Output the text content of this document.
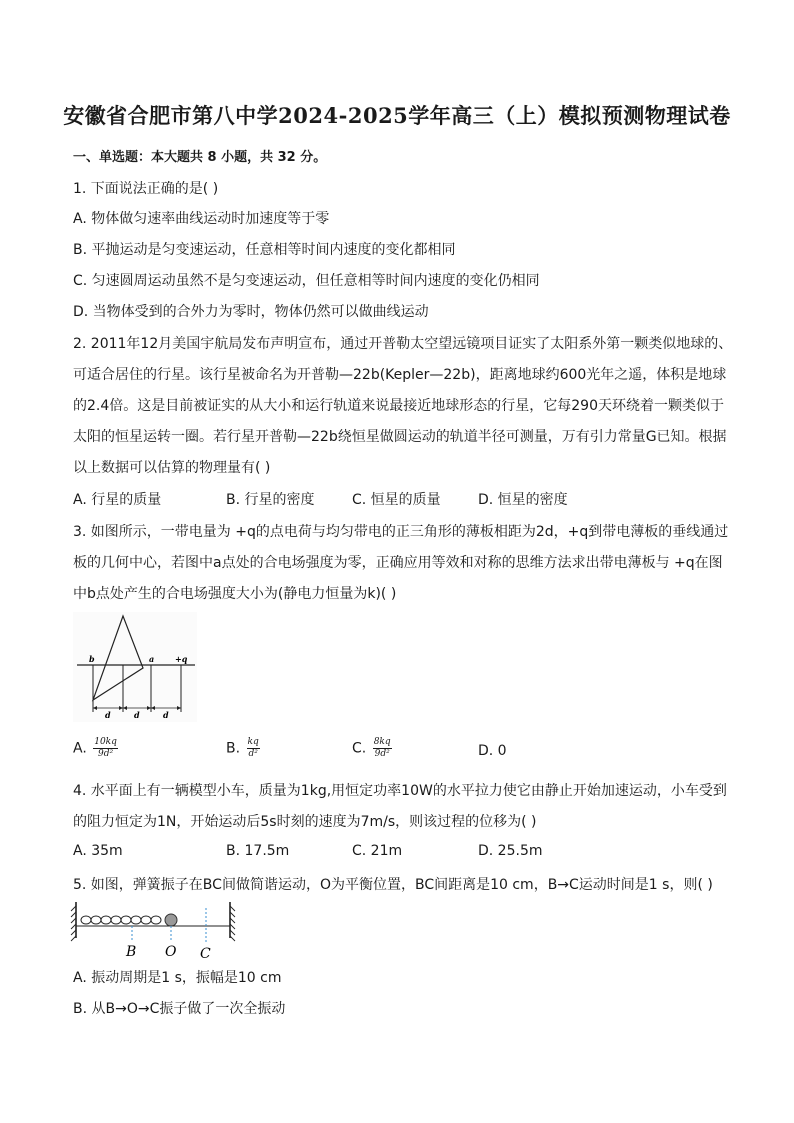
安徽省合肥市第八中学2024-2025学年高三（上）模拟预测物理试卷
一、单选题：本大题共 8 小题，共 32 分。
1. 下面说法正确的是( )
A. 物体做匀速率曲线运动时加速度等于零
B. 平抛运动是匀变速运动，任意相等时间内速度的变化都相同
C. 匀速圆周运动虽然不是匀变速运动，但任意相等时间内速度的变化仍相同
D. 当物体受到的合外力为零时，物体仍然可以做曲线运动
2. 2011年12月美国宇航局发布声明宣布，通过开普勒太空望远镜项目证实了太阳系外第一颗类似地球的、
可适合居住的行星。该行星被命名为开普勒—22b(Kepler—22b)，距离地球约600光年之遥，体积是地球
的2.4倍。这是目前被证实的从大小和运行轨道来说最接近地球形态的行星，它每290天环绕着一颗类似于
太阳的恒星运转一圈。若行星开普勒—22b绕恒星做圆运动的轨道半径可测量，万有引力常量G已知。根据
以上数据可以估算的物理量有( )
A. 行星的质量	B. 行星的密度	C. 恒星的质量	D. 恒星的密度
3. 如图所示，一带电量为 +q的点电荷与均匀带电的正三角形的薄板相距为2d，+q到带电薄板的垂线通过
板的几何中心，若图中a点处的合电场强度为零，正确应用等效和对称的思维方法求出带电薄板与 +q在图
中b点处产生的合电场强度大小为(静电力恒量为k)( )
b	a	+q
d	d	d
A. $\frac{10kq}{\text{9d²}}$	B. $\frac{kq}{\text{d²}}$	C. $\frac{8kq}{\text{9d²}}$	D. 0
4. 水平面上有一辆模型小车，质量为1kg,用恒定功率10W的水平拉力使它由静止开始加速运动，小车受到
的阻力恒定为1N，开始运动后5s时刻的速度为7m/s，则该过程的位移为( )
A. 35m	B. 17.5m	C. 21m	D. 25.5m
5. 如图，弹簧振子在BC间做简谐运动，O为平衡位置，BC间距离是10 cm，B→C运动时间是1 s，则( )
B O C
A. 振动周期是1 s，振幅是10 cm
B. 从B→O→C振子做了一次全振动
